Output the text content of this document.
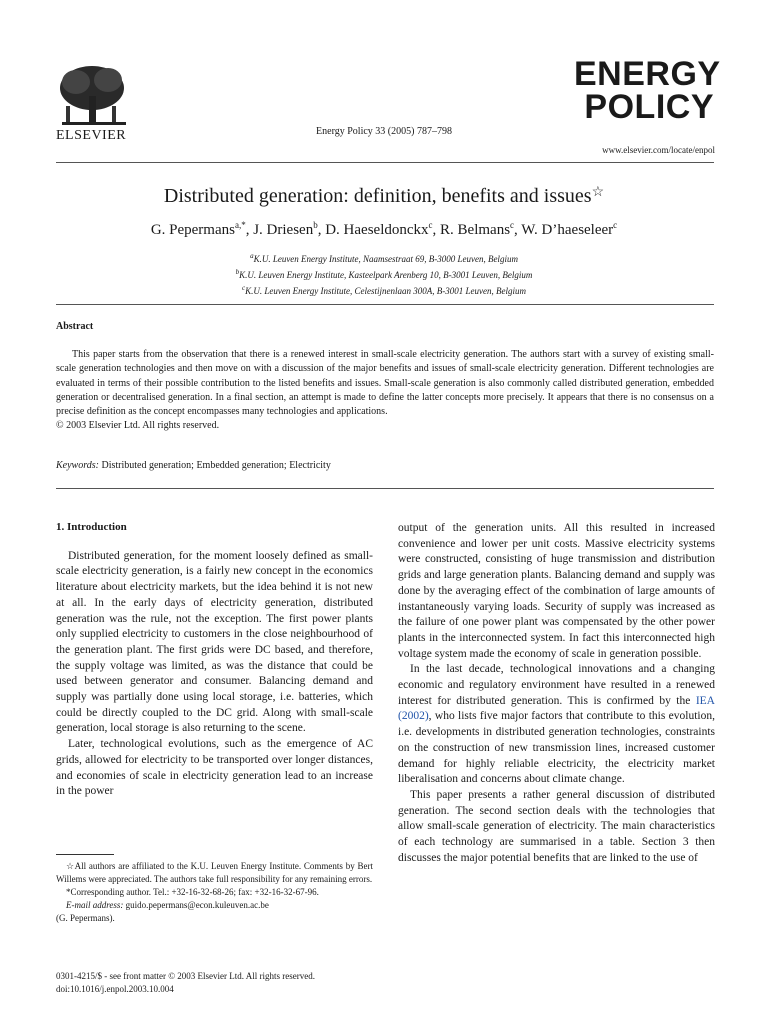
ELSEVIER	Energy Policy 33 (2005) 787–798
ENERGY
POLICY
www.elsevier.com/locate/enpol
Distributed generation: definition, benefits and issues☆
G. Pepermans$^{a,*}$, J. Driesen$^b$, D. Haeseldonckx$^c$, R. Belmans$^c$, W. D’haeseleer$^c$
$^a$K.U. Leuven Energy Institute, Naamsestraat 69, B-3000 Leuven, Belgium
$^b$K.U. Leuven Energy Institute, Kasteelpark Arenberg 10, B-3001 Leuven, Belgium
$^c$K.U. Leuven Energy Institute, Celestijnenlaan 300A, B-3001 Leuven, Belgium
Abstract
This paper starts from the observation that there is a renewed interest in small-scale electricity generation. The authors start with a survey of existing small-scale generation technologies and then move on with a discussion of the major benefits and issues of small-scale electricity generation. Different technologies are evaluated in terms of their possible contribution to the listed benefits and issues. Small-scale generation is also commonly called distributed generation, embedded generation or decentralised generation. In a final section, an attempt is made to define the latter concepts more precisely. It appears that there is no consensus on a precise definition as the concept encompasses many technologies and applications.
© 2003 Elsevier Ltd. All rights reserved.
Keywords: Distributed generation; Embedded generation; Electricity
1. Introduction

Distributed generation, for the moment loosely defined as small-scale electricity generation, is a fairly new concept in the economics literature about electricity markets, but the idea behind it is not new at all. In the early days of electricity generation, distributed generation was the rule, not the exception. The first power plants only supplied electricity to customers in the close neighbourhood of the generation plant. The first grids were DC based, and therefore, the supply voltage was limited, as was the distance that could be used between generator and consumer. Balancing demand and supply was partially done using local storage, i.e. batteries, which could be directly coupled to the DC grid. Along with small-scale generation, local storage is also returning to the scene.

Later, technological evolutions, such as the emergence of AC grids, allowed for electricity to be transported over longer distances, and economies of scale in electricity generation lead to an increase in the power

output of the generation units. All this resulted in increased convenience and lower per unit costs. Massive electricity systems were constructed, consisting of huge transmission and distribution grids and large generation plants. Balancing demand and supply was done by the averaging effect of the combination of large amounts of instantaneously varying loads. Security of supply was increased as the failure of one power plant was compensated by the other power plants in the interconnected system. In fact this interconnected high voltage system made the economy of scale in generation possible.

In the last decade, technological innovations and a changing economic and regulatory environment have resulted in a renewed interest for distributed generation. This is confirmed by the IEA (2002), who lists five major factors that contribute to this evolution, i.e. developments in distributed generation technologies, constraints on the construction of new transmission lines, increased customer demand for highly reliable electricity, the electricity market liberalisation and concerns about climate change.

This paper presents a rather general discussion of distributed generation. The second section deals with the technologies that allow small-scale generation of electricity. The main characteristics of each technology are summarised in a table. Section 3 then discusses the major potential benefits that are linked to the use of

☆All authors are affiliated to the K.U. Leuven Energy Institute. Comments by Bert Willems were appreciated. The authors take full responsibility for any remaining errors.
*Corresponding author. Tel.: +32-16-32-68-26; fax: +32-16-32-67-96.
E-mail address: guido.pepermans@econ.kuleuven.ac.be
(G. Pepermans).
0301-4215/$ - see front matter © 2003 Elsevier Ltd. All rights reserved.
doi:10.1016/j.enpol.2003.10.004
